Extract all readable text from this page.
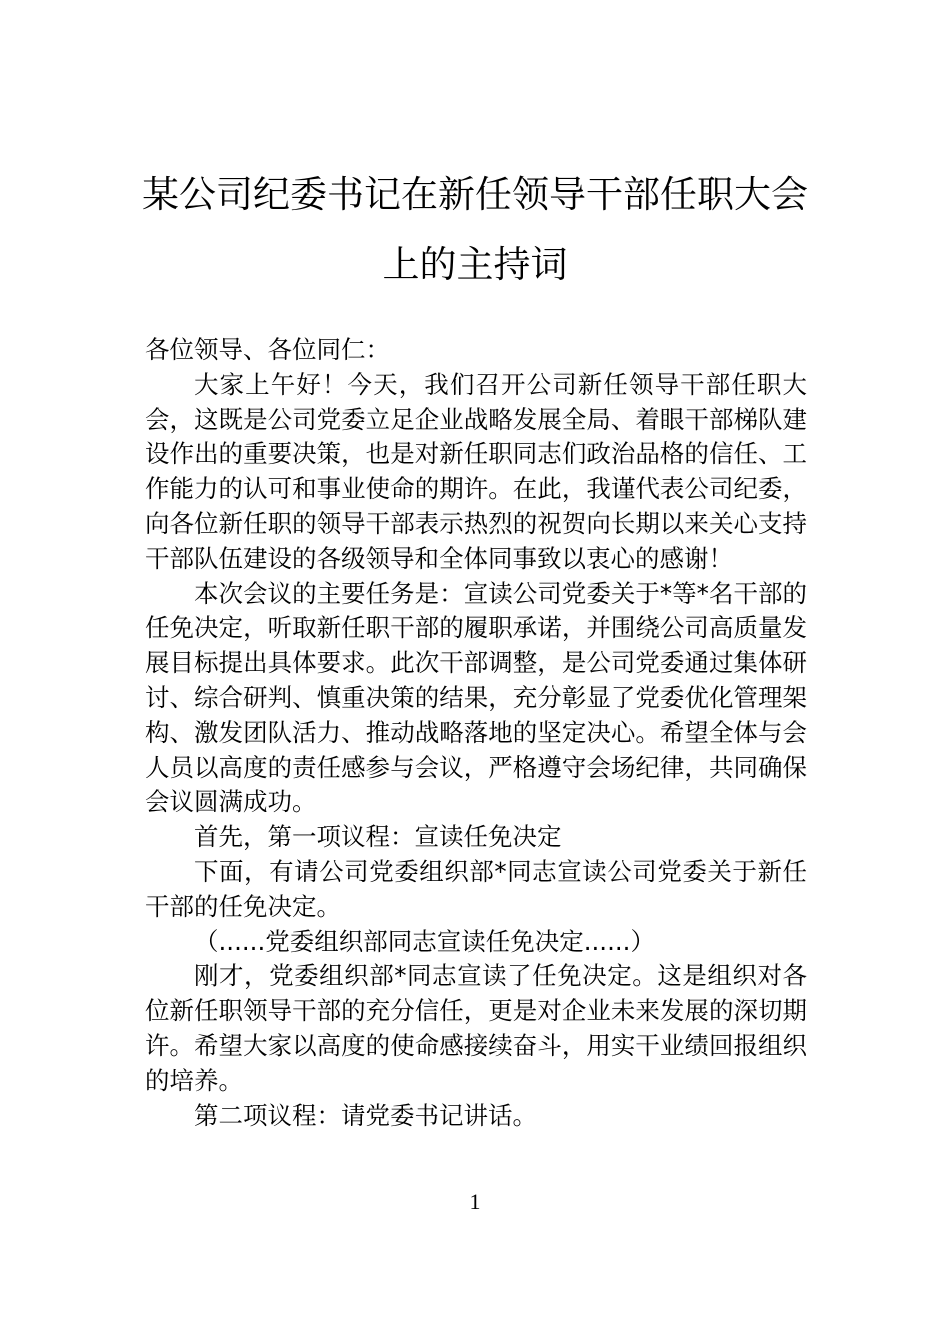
某公司纪委书记在新任领导干部任职大会
上的主持词

各位领导、各位同仁：

大家上午好！今天，我们召开公司新任领导干部任职大会，这既是公司党委立足企业战略发展全局、着眼干部梯队建设作出的重要决策，也是对新任职同志们政治品格的信任、工作能力的认可和事业使命的期许。在此，我谨代表公司纪委，向各位新任职的领导干部表示热烈的祝贺向长期以来关心支持干部队伍建设的各级领导和全体同事致以衷心的感谢！

本次会议的主要任务是：宣读公司党委关于*等*名干部的任免决定，听取新任职干部的履职承诺，并围绕公司高质量发展目标提出具体要求。此次干部调整，是公司党委通过集体研讨、综合研判、慎重决策的结果，充分彰显了党委优化管理架构、激发团队活力、推动战略落地的坚定决心。希望全体与会人员以高度的责任感参与会议，严格遵守会场纪律，共同确保会议圆满成功。

首先，第一项议程：宣读任免决定

下面，有请公司党委组织部*同志宣读公司党委关于新任干部的任免决定。

（......党委组织部同志宣读任免决定......）

刚才，党委组织部*同志宣读了任免决定。这是组织对各位新任职领导干部的充分信任，更是对企业未来发展的深切期许。希望大家以高度的使命感接续奋斗，用实干业绩回报组织的培养。

第二项议程：请党委书记讲话。

1
